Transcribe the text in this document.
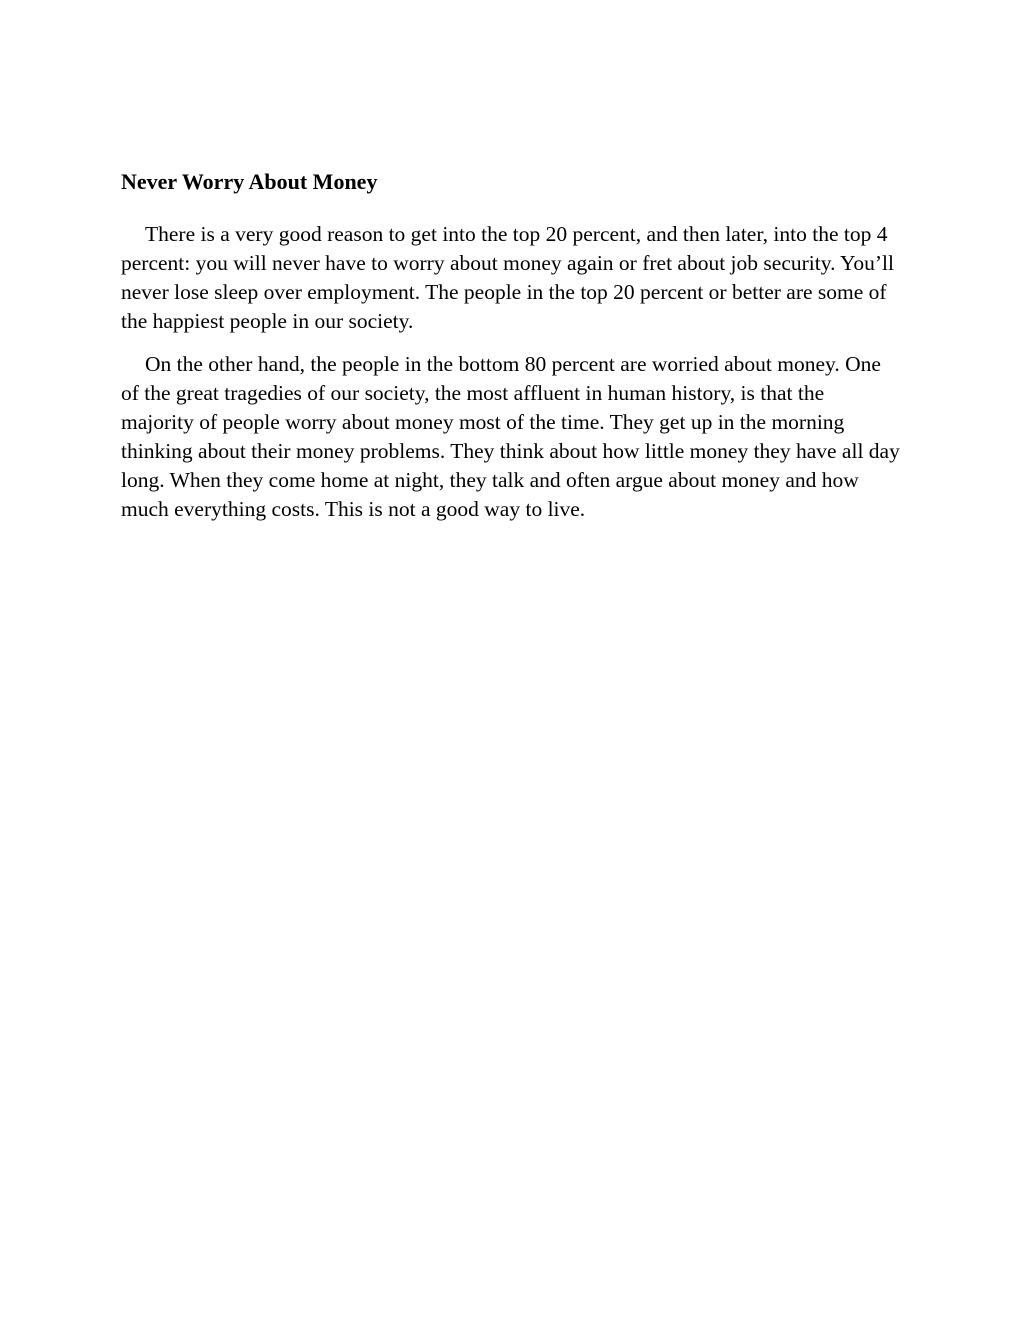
Never Worry About Money

There is a very good reason to get into the top 20 percent, and then later, into the top 4 percent: you will never have to worry about money again or fret about job security. You’ll never lose sleep over employment. The people in the top 20 percent or better are some of the happiest people in our society.

On the other hand, the people in the bottom 80 percent are worried about money. One of the great tragedies of our society, the most affluent in human history, is that the majority of people worry about money most of the time. They get up in the morning thinking about their money problems. They think about how little money they have all day long. When they come home at night, they talk and often argue about money and how much everything costs. This is not a good way to live.
